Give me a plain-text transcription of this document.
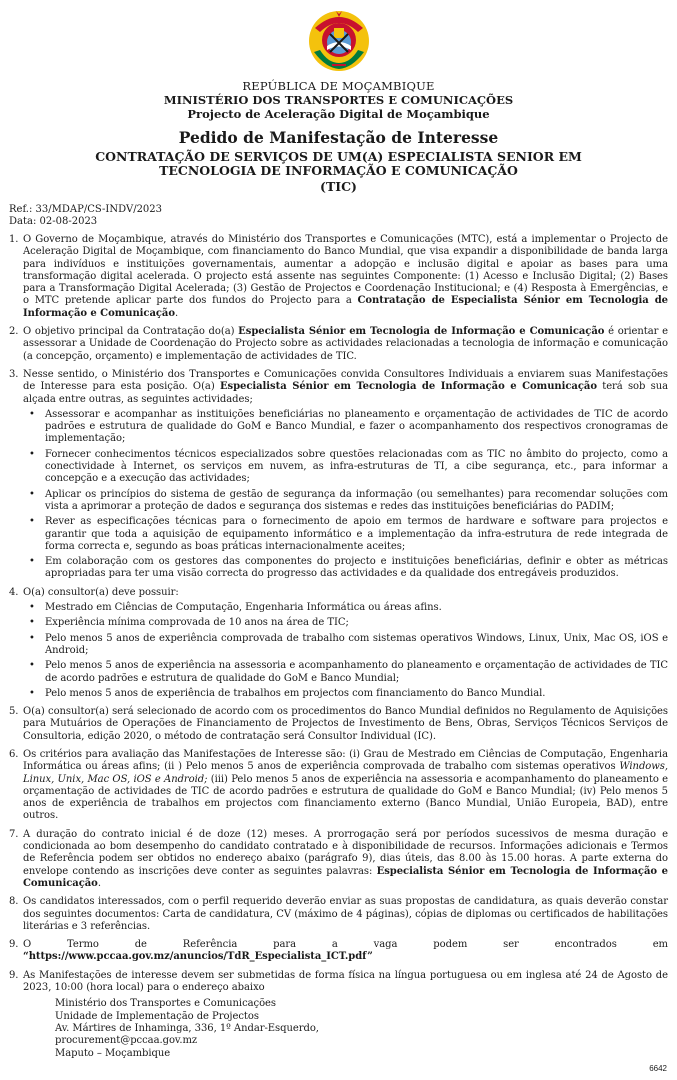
REPÚBLICA DE MOÇAMBIQUE
MINISTÉRIO DOS TRANSPORTES E COMUNICAÇÕES
Projecto de Aceleração Digital de Moçambique
Pedido de Manifestação de Interesse
CONTRATAÇÃO DE SERVIÇOS DE UM(A) ESPECIALISTA SENIOR EM TECNOLOGIA DE INFORMAÇÃO E COMUNICAÇÃO
(TIC)
Ref.: 33/MDAP/CS-INDV/2023
Data: 02-08-2023
1. O Governo de Moçambique, através do Ministério dos Transportes e Comunicações (MTC), está a implementar o Projecto de Aceleração Digital de Moçambique, com financiamento do Banco Mundial, que visa expandir a disponibilidade de banda larga para indivíduos e instituições governamentais, aumentar a adopção e inclusão digital e apoiar as bases para uma transformação digital acelerada. O projecto está assente nas seguintes Componente: (1) Acesso e Inclusão Digital; (2) Bases para a Transformação Digital Acelerada; (3) Gestão de Projectos e Coordenação Institucional; e (4) Resposta à Emergências, e o MTC pretende aplicar parte dos fundos do Projecto para a Contratação de Especialista Sénior em Tecnologia de Informação e Comunicação.
2. O objetivo principal da Contratação do(a) Especialista Sénior em Tecnologia de Informação e Comunicação é orientar e assessorar a Unidade de Coordenação do Projecto sobre as actividades relacionadas a tecnologia de informação e comunicação (a concepção, orçamento) e implementação de actividades de TIC.
3. Nesse sentido, o Ministério dos Transportes e Comunicações convida Consultores Individuais a enviarem suas Manifestações de Interesse para esta posição. O(a) Especialista Sénior em Tecnologia de Informação e Comunicação terá sob sua alçada entre outras, as seguintes actividades;
•	Assessorar e acompanhar as instituições beneficiárias no planeamento e orçamentação de actividades de TIC de acordo padrões e estrutura de qualidade do GoM e Banco Mundial, e fazer o acompanhamento dos respectivos cronogramas de implementação;
•	Fornecer conhecimentos técnicos especializados sobre questões relacionadas com as TIC no âmbito do projecto, como a conectividade à Internet, os serviços em nuvem, as infra-estruturas de TI, a cibe segurança, etc., para informar a concepção e a execução das actividades;
•	Aplicar os princípios do sistema de gestão de segurança da informação (ou semelhantes) para recomendar soluções com vista a aprimorar a proteção de dados e segurança dos sistemas e redes das instituições beneficiárias do PADIM;
•	Rever as especificações técnicas para o fornecimento de apoio em termos de hardware e software para projectos e garantir que toda a aquisição de equipamento informático e a implementação da infra-estrutura de rede integrada de forma correcta e, segundo as boas práticas internacionalmente aceites;
•	Em colaboração com os gestores das componentes do projecto e instituições beneficiárias, definir e obter as métricas apropriadas para ter uma visão correcta do progresso das actividades e da qualidade dos entregáveis produzidos.
4. O(a) consultor(a) deve possuir:
•	Mestrado em Ciências de Computação, Engenharia Informática ou áreas afins.
•	Experiência mínima comprovada de 10 anos na área de TIC;
•	Pelo menos 5 anos de experiência comprovada de trabalho com sistemas operativos Windows, Linux, Unix, Mac OS, iOS e Android;
•	Pelo menos 5 anos de experiência na assessoria e acompanhamento do planeamento e orçamentação de actividades de TIC de acordo padrões e estrutura de qualidade do GoM e Banco Mundial;
•	Pelo menos 5 anos de experiência de trabalhos em projectos com financiamento do Banco Mundial.
5. O(a) consultor(a) será selecionado de acordo com os procedimentos do Banco Mundial definidos no Regulamento de Aquisições para Mutuários de Operações de Financiamento de Projectos de Investimento de Bens, Obras, Serviços Técnicos Serviços de Consultoria, edição 2020, o método de contratação será Consultor Individual (IC).
6. Os critérios para avaliação das Manifestações de Interesse são: (i) Grau de Mestrado em Ciências de Computação, Engenharia Informática ou áreas afins; (ii ) Pelo menos 5 anos de experiência comprovada de trabalho com sistemas operativos Windows, Linux, Unix, Mac OS, iOS e Android; (iii) Pelo menos 5 anos de experiência na assessoria e acompanhamento do planeamento e orçamentação de actividades de TIC de acordo padrões e estrutura de qualidade do GoM e Banco Mundial; (iv) Pelo menos 5 anos de experiência de trabalhos em projectos com financiamento externo (Banco Mundial, União Europeia, BAD), entre outros.
7. A duração do contrato inicial é de doze (12) meses. A prorrogação será por períodos sucessivos de mesma duração e condicionada ao bom desempenho do candidato contratado e à disponibilidade de recursos. Informações adicionais e Termos de Referência podem ser obtidos no endereço abaixo (parágrafo 9), dias úteis, das 8.00 às 15.00 horas. A parte externa do envelope contendo as inscrições deve conter as seguintes palavras: Especialista Sénior em Tecnologia de Informação e Comunicação.
8. Os candidatos interessados, com o perfil requerido deverão enviar as suas propostas de candidatura, as quais deverão constar dos seguintes documentos: Carta de candidatura, CV (máximo de 4 páginas), cópias de diplomas ou certificados de habilitações literárias e 3 referências.
9. O Termo de Referência para a vaga podem ser encontrados em “https://www.pccaa.gov.mz/anuncios/TdR_Especialista_ICT.pdf”
9. As Manifestações de interesse devem ser submetidas de forma física na língua portuguesa ou em inglesa até 24 de Agosto de 2023, 10:00 (hora local) para o endereço abaixo
Ministério dos Transportes e Comunicações
Unidade de Implementação de Projectos
Av. Mártires de Inhaminga, 336, 1º Andar-Esquerdo,
procurement@pccaa.gov.mz
Maputo – Moçambique
6642
